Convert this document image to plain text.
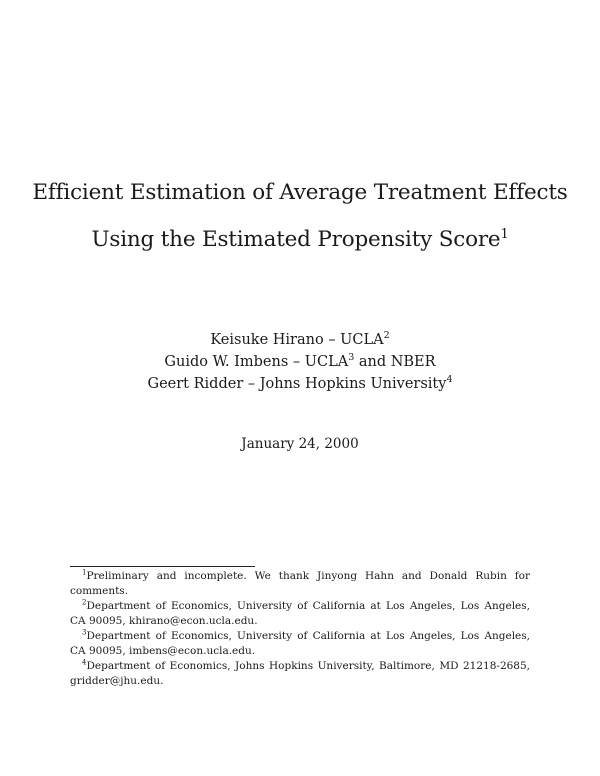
Efficient Estimation of Average Treatment Effects
Using the Estimated Propensity Score$^1$
Keisuke Hirano – UCLA$^2$
Guido W. Imbens – UCLA$^3$ and NBER
Geert Ridder – Johns Hopkins University$^4$
January 24, 2000
$^1$Preliminary and incomplete. We thank Jinyong Hahn and Donald Rubin for comments.
$^2$Department of Economics, University of California at Los Angeles, Los Angeles, CA 90095, khirano@econ.ucla.edu.
$^3$Department of Economics, University of California at Los Angeles, Los Angeles, CA 90095, imbens@econ.ucla.edu.
$^4$Department of Economics, Johns Hopkins University, Baltimore, MD 21218-2685, gridder@jhu.edu.
